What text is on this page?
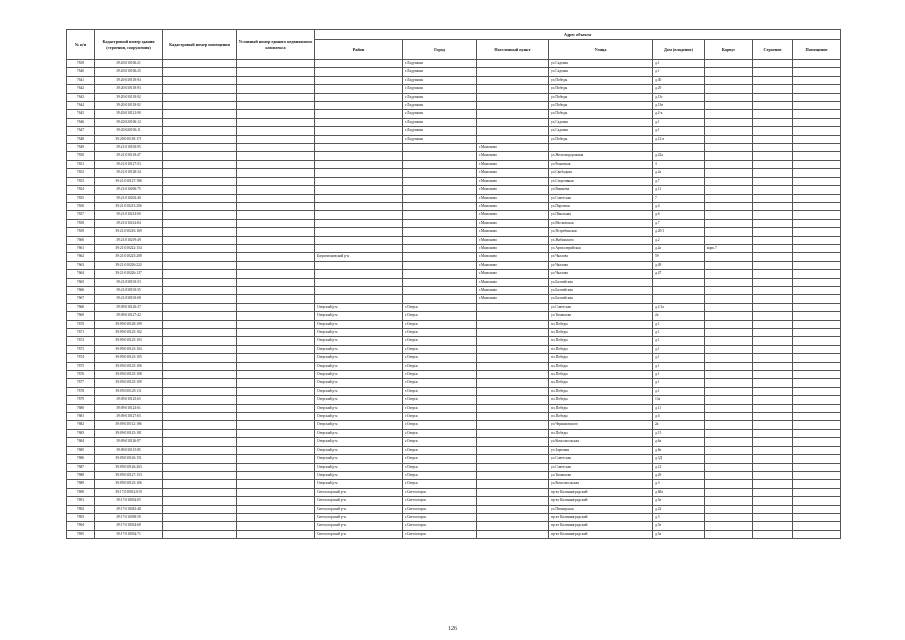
№ п/п	Кадастровый номер здания (строения, сооружения)	Кадастровый номер помещения	Условный номер единого недвижимого комплекса	Адрес объекта							
				Район	Город	Населенный пункт	Улица	Дом (владение)	Корпус	Строение	Помещение
7639	39:20:010106:21				г.Ладушкин		ул.Садовая	д.1			
7640	39:20:010106:25				г.Ладушкин		ул.Садовая	д.1			
7641	39:20:010118:94				г.Ладушкин		ул.Победы	д.30			
7642	39:20:010118:93				г.Ладушкин		ул.Победы	д.29			
7643	39:20:010118:92				г.Ладушкин		ул.Победы	д.13г			
7644	39:20:010118:92				г.Ладушкин		ул.Победы	д.13в			
7645	39:20:010121:90				г.Ладушкин		ул.Победы	д.2-а			
7646	39:20:020106:12				г.Ладушкин		ул.Садовая	д.1			
7647	39:20:020106:11				г.Ладушкин		ул.Садовая	д.1			
7648	39:20:010118:171				г.Ладушкин		ул.Победы	д.12-а			
7649	39:21:010103:95					г.Мамоново					
7650	39:21:010118:47					г.Мамоново	ул.Железнодорожная	д.22а			
7651	39:21:010127:53					г.Мамоново	ул.Рыночная	3			
7652	39:21:010128:34					г.Мамоново	ул.Свободная	д.2а			
7653	39:21:010127:186					г.Мамоново	ул.Спортивная	д.7			
7654	39:21:010206:75					г.Мамоново	ул.Вишнева	д.11			
7655	39:21:010202:40					г.Мамоново	ул.Советская	7			
7656	39:21:010213:206					г.Мамоново	ул.Партизан	д.4			
7657	39:21:010214:60					г.Мамоново	ул.Школьная	д.6			
7658	39:21:010214:84					г.Мамоново	ул.Московская	д.7			
7659	39:21:010216:169					г.Мамоново	ул.Ястребинская	д.20/1			
7660	39:21:010219:49					г.Мамоново	ул.Жабинского	д.2			
7661	39:21:010222:154					г.Мамоново	ул.Артиллерийская	д.2а	корп.7		
7662	39:21:010225:208			Багратионовский р-н		г.Мамоново	ул.Чкалова	59			
7663	39:21:010226:222					г.Мамоново	ул.Чкалова	д.49			
7664	39:21:010226:127					г.Мамоново	ул.Чкалова	д.47			
7665	39:21:030103:53					г.Мамоново	ул.Балтийская				
7666	39:21:030103:55					г.Мамоново	ул.Балтийская				
7667	39:21:030103:08					г.Мамоново	ул.Балтийская				
7668	39:09:010126:37			Озерский р-н	г.Озерск		ул.Советская	д.1/1а			
7669	39:09:010127:42			Озерский р-н	г.Озерск		ул.Тимашова	2а			
7670	39:09:010128:109			Озерский р-н	г.Озерск		пл.Победы	д.1			
7671	39:09:010125:102			Озерский р-н	г.Озерск		пл.Победы	д.1			
7672	39:09:010125:103			Озерский р-н	г.Озерск		пл.Победы	д.1			
7673	39:09:010125:104			Озерский р-н	г.Озерск		пл.Победы	д.1			
7674	39:09:010125:105			Озерский р-н	г.Озерск		пл.Победы	д.1			
7675	39:09:010125:106			Озерский р-н	г.Озерск		пл.Победы	д.1			
7676	39:09:010125:108			Озерский р-н	г.Озерск		пл.Победы	д.1			
7677	39:09:010125:109			Озерский р-н	г.Озерск		пл.Победы	д.1			
7678	39:09:010125:111			Озерский р-н	г.Озерск		пл.Победы	д.1			
7679	39:09:010125:65			Озерский р-н	г.Озерск		пл.Победы	13а			
7680	39:09:010123:61			Озерский р-н	г.Озерск		пл.Победы	д.11			
7681	39:09:010127:65			Озерский р-н	г.Озерск		пл.Победы	д.6			
7682	39:09:010112:186			Озерский р-н	г.Озерск		ул.Черняховского	2а			
7683	39:09:010125:181			Озерский р-н	г.Озерск		пл.Победы	д.15			
7684	39:09:010126:97			Озерский р-н	г.Озерск		ул.Комсомольская	д.6а			
7685	39:09:010115:85			Озерский р-н	г.Озерск		ул.Заречная	д.8а			
7686	39:09:010126:151			Озерский р-н	г.Озерск		ул.Советская	д.3Д			
7687	39:09:010126:263			Озерский р-н	г.Озерск		ул.Советская	д.12			
7688	39:09:010127:153			Озерский р-н	г.Озерск		ул.Тимашова	д.2б			
7689	39:09:010125:106			Озерский р-н	г.Озерск		ул.Комсомольская	д.3			
7690	39:17:010012:019			Светлогорский р-н	г.Светлогорск		пр-кт Калининградский	д.68а			
7691	39:17:010034:05			Светлогорский р-н	г.Светлогорск		пр-кт Калининградский	д.5а			
7692	39:17:010043:48			Светлогорский р-н	г.Светлогорск		ул.Пионерская	д.22			
7693	39:17:010038:50			Светлогорский р-н	г.Светлогорск		пр-кт Калининградский	д.3			
7694	39:17:010034:68			Светлогорский р-н	г.Светлогорск		пр-кт Калининградский	д.5а			
7695	39:17:010034:71			Светлогорский р-н	г.Светлогорск		пр-кт Калининградский	д.5а			
126
